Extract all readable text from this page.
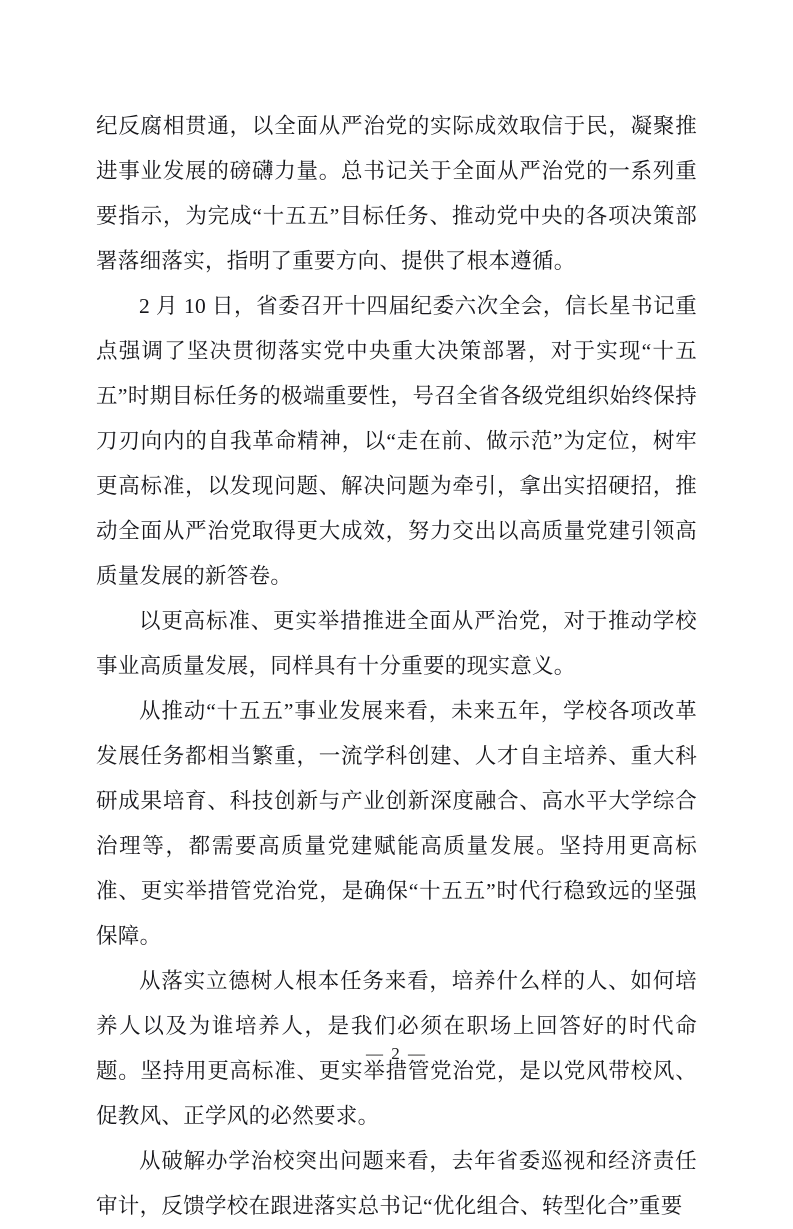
纪反腐相贯通，以全面从严治党的实际成效取信于民，凝聚推进事业发展的磅礴力量。总书记关于全面从严治党的一系列重要指示，为完成“十五五”目标任务、推动党中央的各项决策部署落细落实，指明了重要方向、提供了根本遵循。

2 月 10 日，省委召开十四届纪委六次全会，信长星书记重点强调了坚决贯彻落实党中央重大决策部署，对于实现“十五五”时期目标任务的极端重要性，号召全省各级党组织始终保持刀刃向内的自我革命精神，以“走在前、做示范”为定位，树牢更高标准，以发现问题、解决问题为牵引，拿出实招硬招，推动全面从严治党取得更大成效，努力交出以高质量党建引领高质量发展的新答卷。

以更高标准、更实举措推进全面从严治党，对于推动学校事业高质量发展，同样具有十分重要的现实意义。

从推动“十五五”事业发展来看，未来五年，学校各项改革发展任务都相当繁重，一流学科创建、人才自主培养、重大科研成果培育、科技创新与产业创新深度融合、高水平大学综合治理等，都需要高质量党建赋能高质量发展。坚持用更高标准、更实举措管党治党，是确保“十五五”时代行稳致远的坚强保障。

从落实立德树人根本任务来看，培养什么样的人、如何培养人以及为谁培养人，是我们必须在职场上回答好的时代命题。坚持用更高标准、更实举措管党治党，是以党风带校风、促教风、正学风的必然要求。

从破解办学治校突出问题来看，去年省委巡视和经济责任审计，反馈学校在跟进落实总书记“优化组合、转型化合”重要

— 2 —
